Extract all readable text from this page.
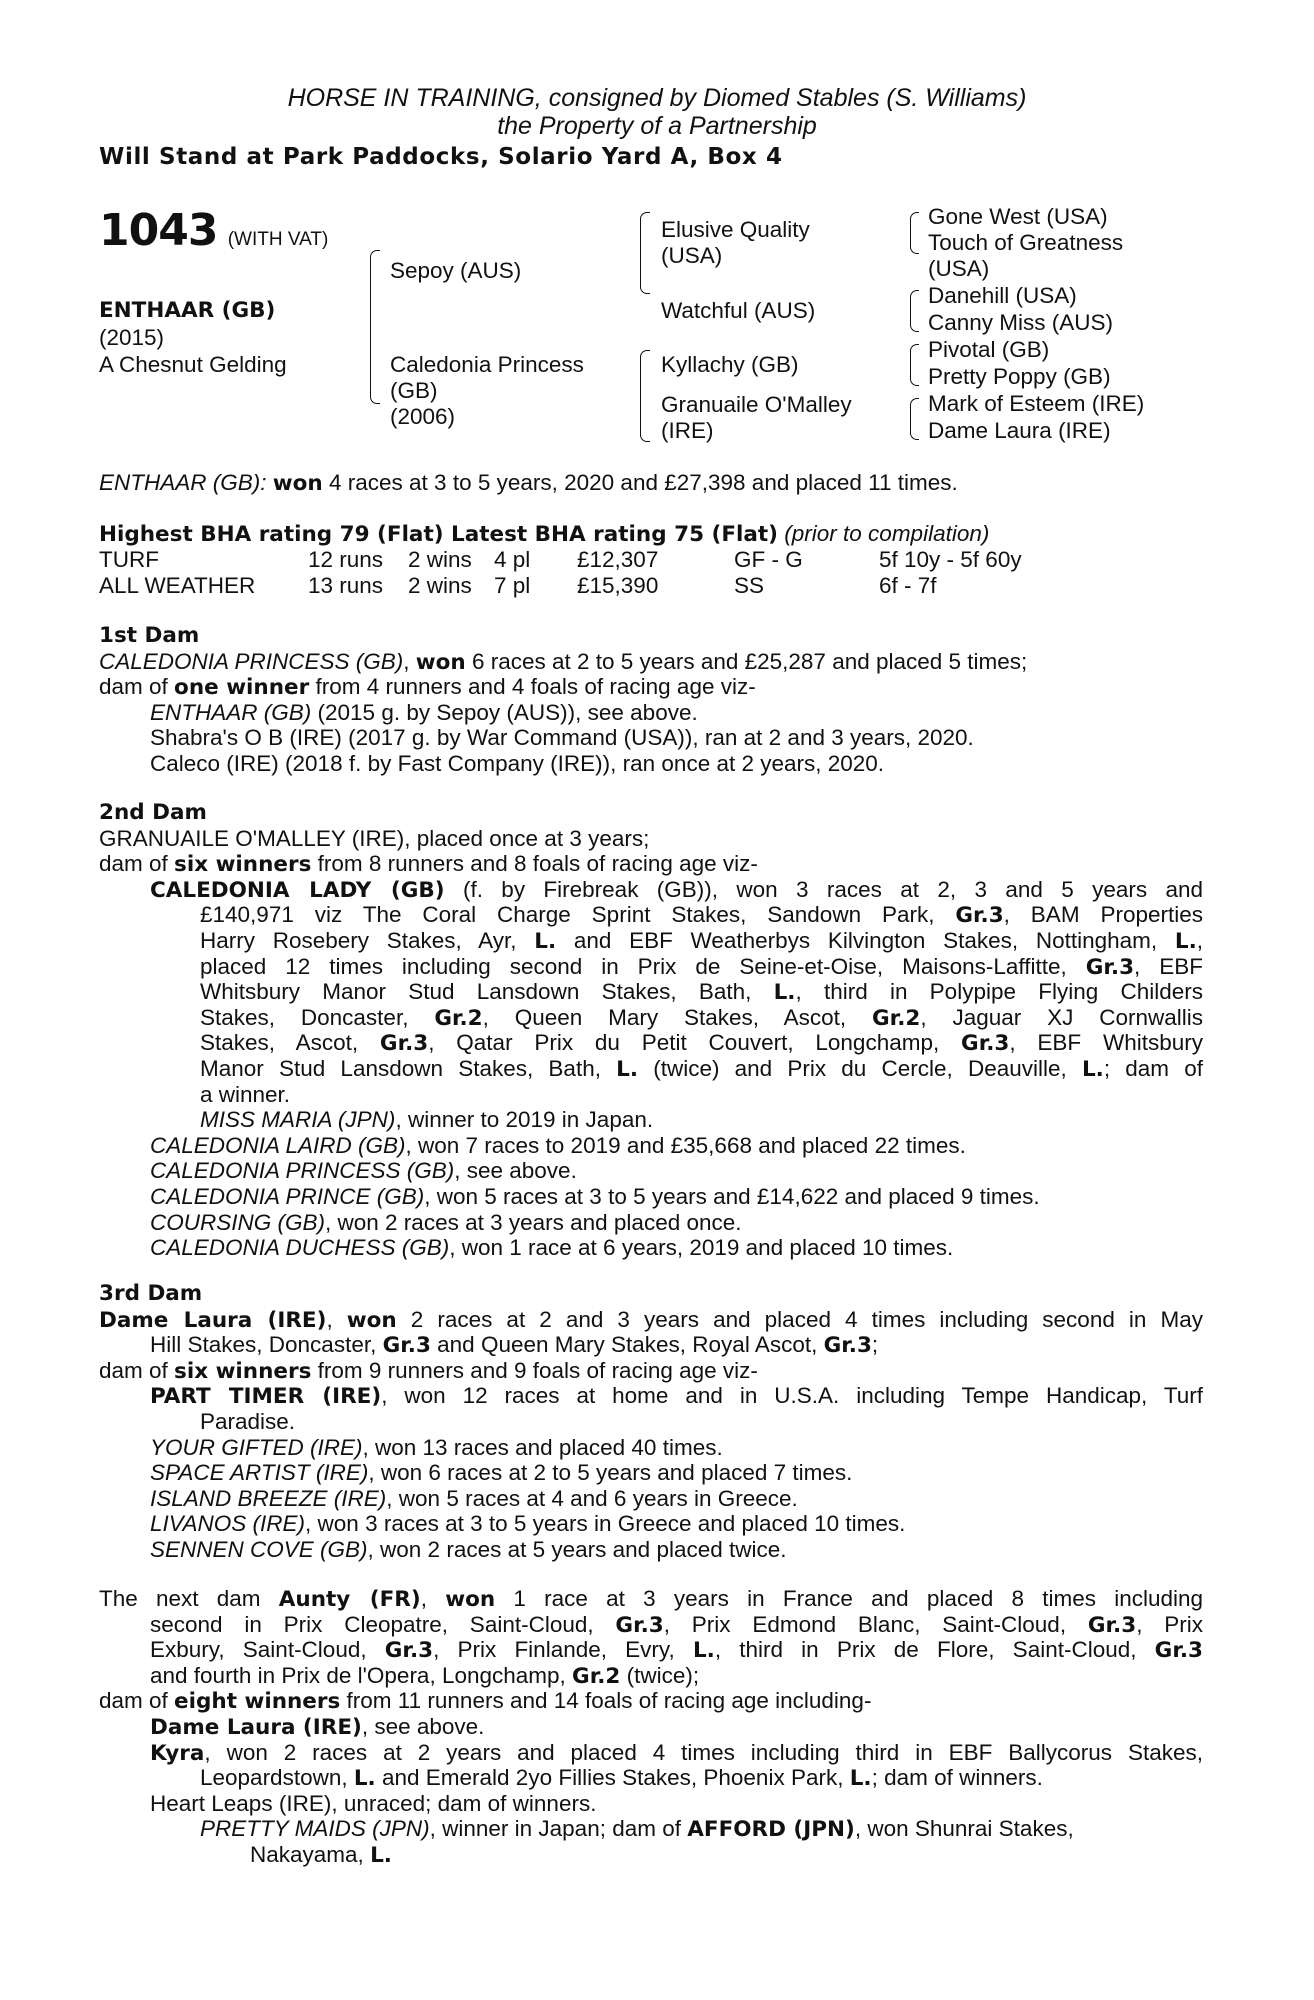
HORSE IN TRAINING, consigned by Diomed Stables (S. Williams)
the Property of a Partnership
Will Stand at Park Paddocks, Solario Yard A, Box 4
1043 (WITH VAT)
ENTHAAR (GB)
(2015)
A Chesnut Gelding
Sepoy (AUS)
Caledonia Princess
(GB)
(2006)
Elusive Quality
(USA)
Watchful (AUS)
Kyllachy (GB)
Granuaile O'Malley
(IRE)
Gone West (USA)
Touch of Greatness
(USA)
Danehill (USA)
Canny Miss (AUS)
Pivotal (GB)
Pretty Poppy (GB)
Mark of Esteem (IRE)
Dame Laura (IRE)
ENTHAAR (GB): won 4 races at 3 to 5 years, 2020 and £27,398 and placed 11 times.
Highest BHA rating 79 (Flat) Latest BHA rating 75 (Flat) (prior to compilation)
TURF	12 runs 2 wins 4 pl £12,307	GF - G	5f 10y - 5f 60y
ALL WEATHER 13 runs 2 wins 7 pl £15,390	SS	6f - 7f
1st Dam
CALEDONIA PRINCESS (GB), won 6 races at 2 to 5 years and £25,287 and placed 5 times;
dam of one winner from 4 runners and 4 foals of racing age viz-
ENTHAAR (GB) (2015 g. by Sepoy (AUS)), see above.
Shabra's O B (IRE) (2017 g. by War Command (USA)), ran at 2 and 3 years, 2020.
Caleco (IRE) (2018 f. by Fast Company (IRE)), ran once at 2 years, 2020.
2nd Dam
GRANUAILE O'MALLEY (IRE), placed once at 3 years;
dam of six winners from 8 runners and 8 foals of racing age viz-
CALEDONIA LADY (GB) (f. by Firebreak (GB)), won 3 races at 2, 3 and 5 years and
£140,971 viz The Coral Charge Sprint Stakes, Sandown Park, Gr.3, BAM Properties
Harry Rosebery Stakes, Ayr, L. and EBF Weatherbys Kilvington Stakes, Nottingham, L.,
placed 12 times including second in Prix de Seine-et-Oise, Maisons-Laffitte, Gr.3, EBF
Whitsbury Manor Stud Lansdown Stakes, Bath, L., third in Polypipe Flying Childers
Stakes, Doncaster, Gr.2, Queen Mary Stakes, Ascot, Gr.2, Jaguar XJ Cornwallis
Stakes, Ascot, Gr.3, Qatar Prix du Petit Couvert, Longchamp, Gr.3, EBF Whitsbury
Manor Stud Lansdown Stakes, Bath, L. (twice) and Prix du Cercle, Deauville, L.; dam of
a winner.
MISS MARIA (JPN), winner to 2019 in Japan.
CALEDONIA LAIRD (GB), won 7 races to 2019 and £35,668 and placed 22 times.
CALEDONIA PRINCESS (GB), see above.
CALEDONIA PRINCE (GB), won 5 races at 3 to 5 years and £14,622 and placed 9 times.
COURSING (GB), won 2 races at 3 years and placed once.
CALEDONIA DUCHESS (GB), won 1 race at 6 years, 2019 and placed 10 times.
3rd Dam
Dame Laura (IRE), won 2 races at 2 and 3 years and placed 4 times including second in May
Hill Stakes, Doncaster, Gr.3 and Queen Mary Stakes, Royal Ascot, Gr.3;
dam of six winners from 9 runners and 9 foals of racing age viz-
PART TIMER (IRE), won 12 races at home and in U.S.A. including Tempe Handicap, Turf
Paradise.
YOUR GIFTED (IRE), won 13 races and placed 40 times.
SPACE ARTIST (IRE), won 6 races at 2 to 5 years and placed 7 times.
ISLAND BREEZE (IRE), won 5 races at 4 and 6 years in Greece.
LIVANOS (IRE), won 3 races at 3 to 5 years in Greece and placed 10 times.
SENNEN COVE (GB), won 2 races at 5 years and placed twice.
The next dam Aunty (FR), won 1 race at 3 years in France and placed 8 times including
second in Prix Cleopatre, Saint-Cloud, Gr.3, Prix Edmond Blanc, Saint-Cloud, Gr.3, Prix
Exbury, Saint-Cloud, Gr.3, Prix Finlande, Evry, L., third in Prix de Flore, Saint-Cloud, Gr.3
and fourth in Prix de l'Opera, Longchamp, Gr.2 (twice);
dam of eight winners from 11 runners and 14 foals of racing age including-
Dame Laura (IRE), see above.
Kyra, won 2 races at 2 years and placed 4 times including third in EBF Ballycorus Stakes,
Leopardstown, L. and Emerald 2yo Fillies Stakes, Phoenix Park, L.; dam of winners.
Heart Leaps (IRE), unraced; dam of winners.
PRETTY MAIDS (JPN), winner in Japan; dam of AFFORD (JPN), won Shunrai Stakes,
Nakayama, L.
